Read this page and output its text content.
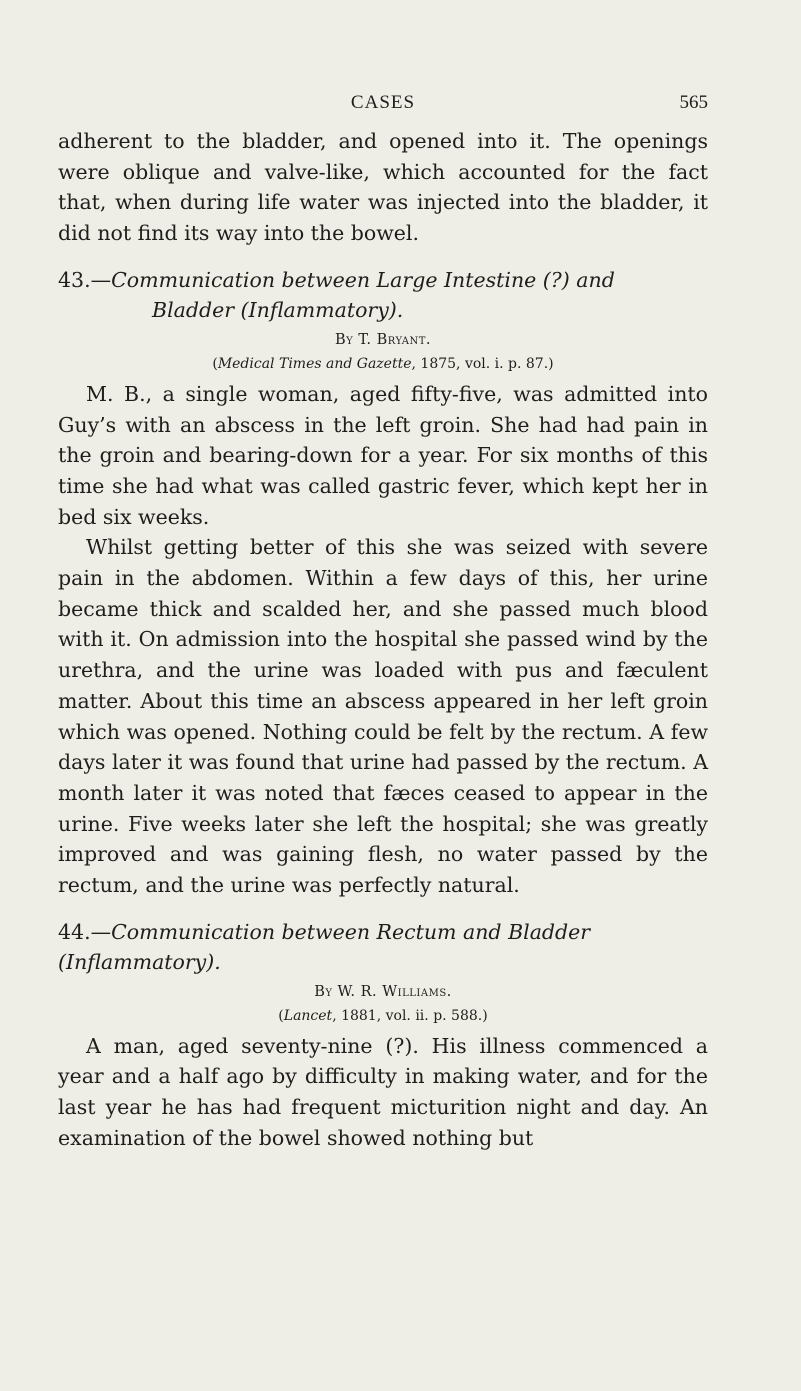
CASES	565

adherent to the bladder, and opened into it. The openings were oblique and valve-like, which accounted for the fact that, when during life water was injected into the bladder, it did not find its way into the bowel.

43.—Communication between Large Intestine (?) and
Bladder (Inflammatory).
By T. Bryant.
(Medical Times and Gazette, 1875, vol. i. p. 87.)

M. B., a single woman, aged fifty-five, was admitted into Guy’s with an abscess in the left groin. She had had pain in the groin and bearing-down for a year. For six months of this time she had what was called gastric fever, which kept her in bed six weeks.

Whilst getting better of this she was seized with severe pain in the abdomen. Within a few days of this, her urine became thick and scalded her, and she passed much blood with it. On admission into the hospital she passed wind by the urethra, and the urine was loaded with pus and fæculent matter. About this time an abscess appeared in her left groin which was opened. Nothing could be felt by the rectum. A few days later it was found that urine had passed by the rectum. A month later it was noted that fæces ceased to appear in the urine. Five weeks later she left the hospital; she was greatly improved and was gaining flesh, no water passed by the rectum, and the urine was perfectly natural.

44.—Communication between Rectum and Bladder
(Inflammatory).
By W. R. Williams.
(Lancet, 1881, vol. ii. p. 588.)

A man, aged seventy-nine (?). His illness commenced a year and a half ago by difficulty in making water, and for the last year he has had frequent micturition night and day. An examination of the bowel showed nothing but
